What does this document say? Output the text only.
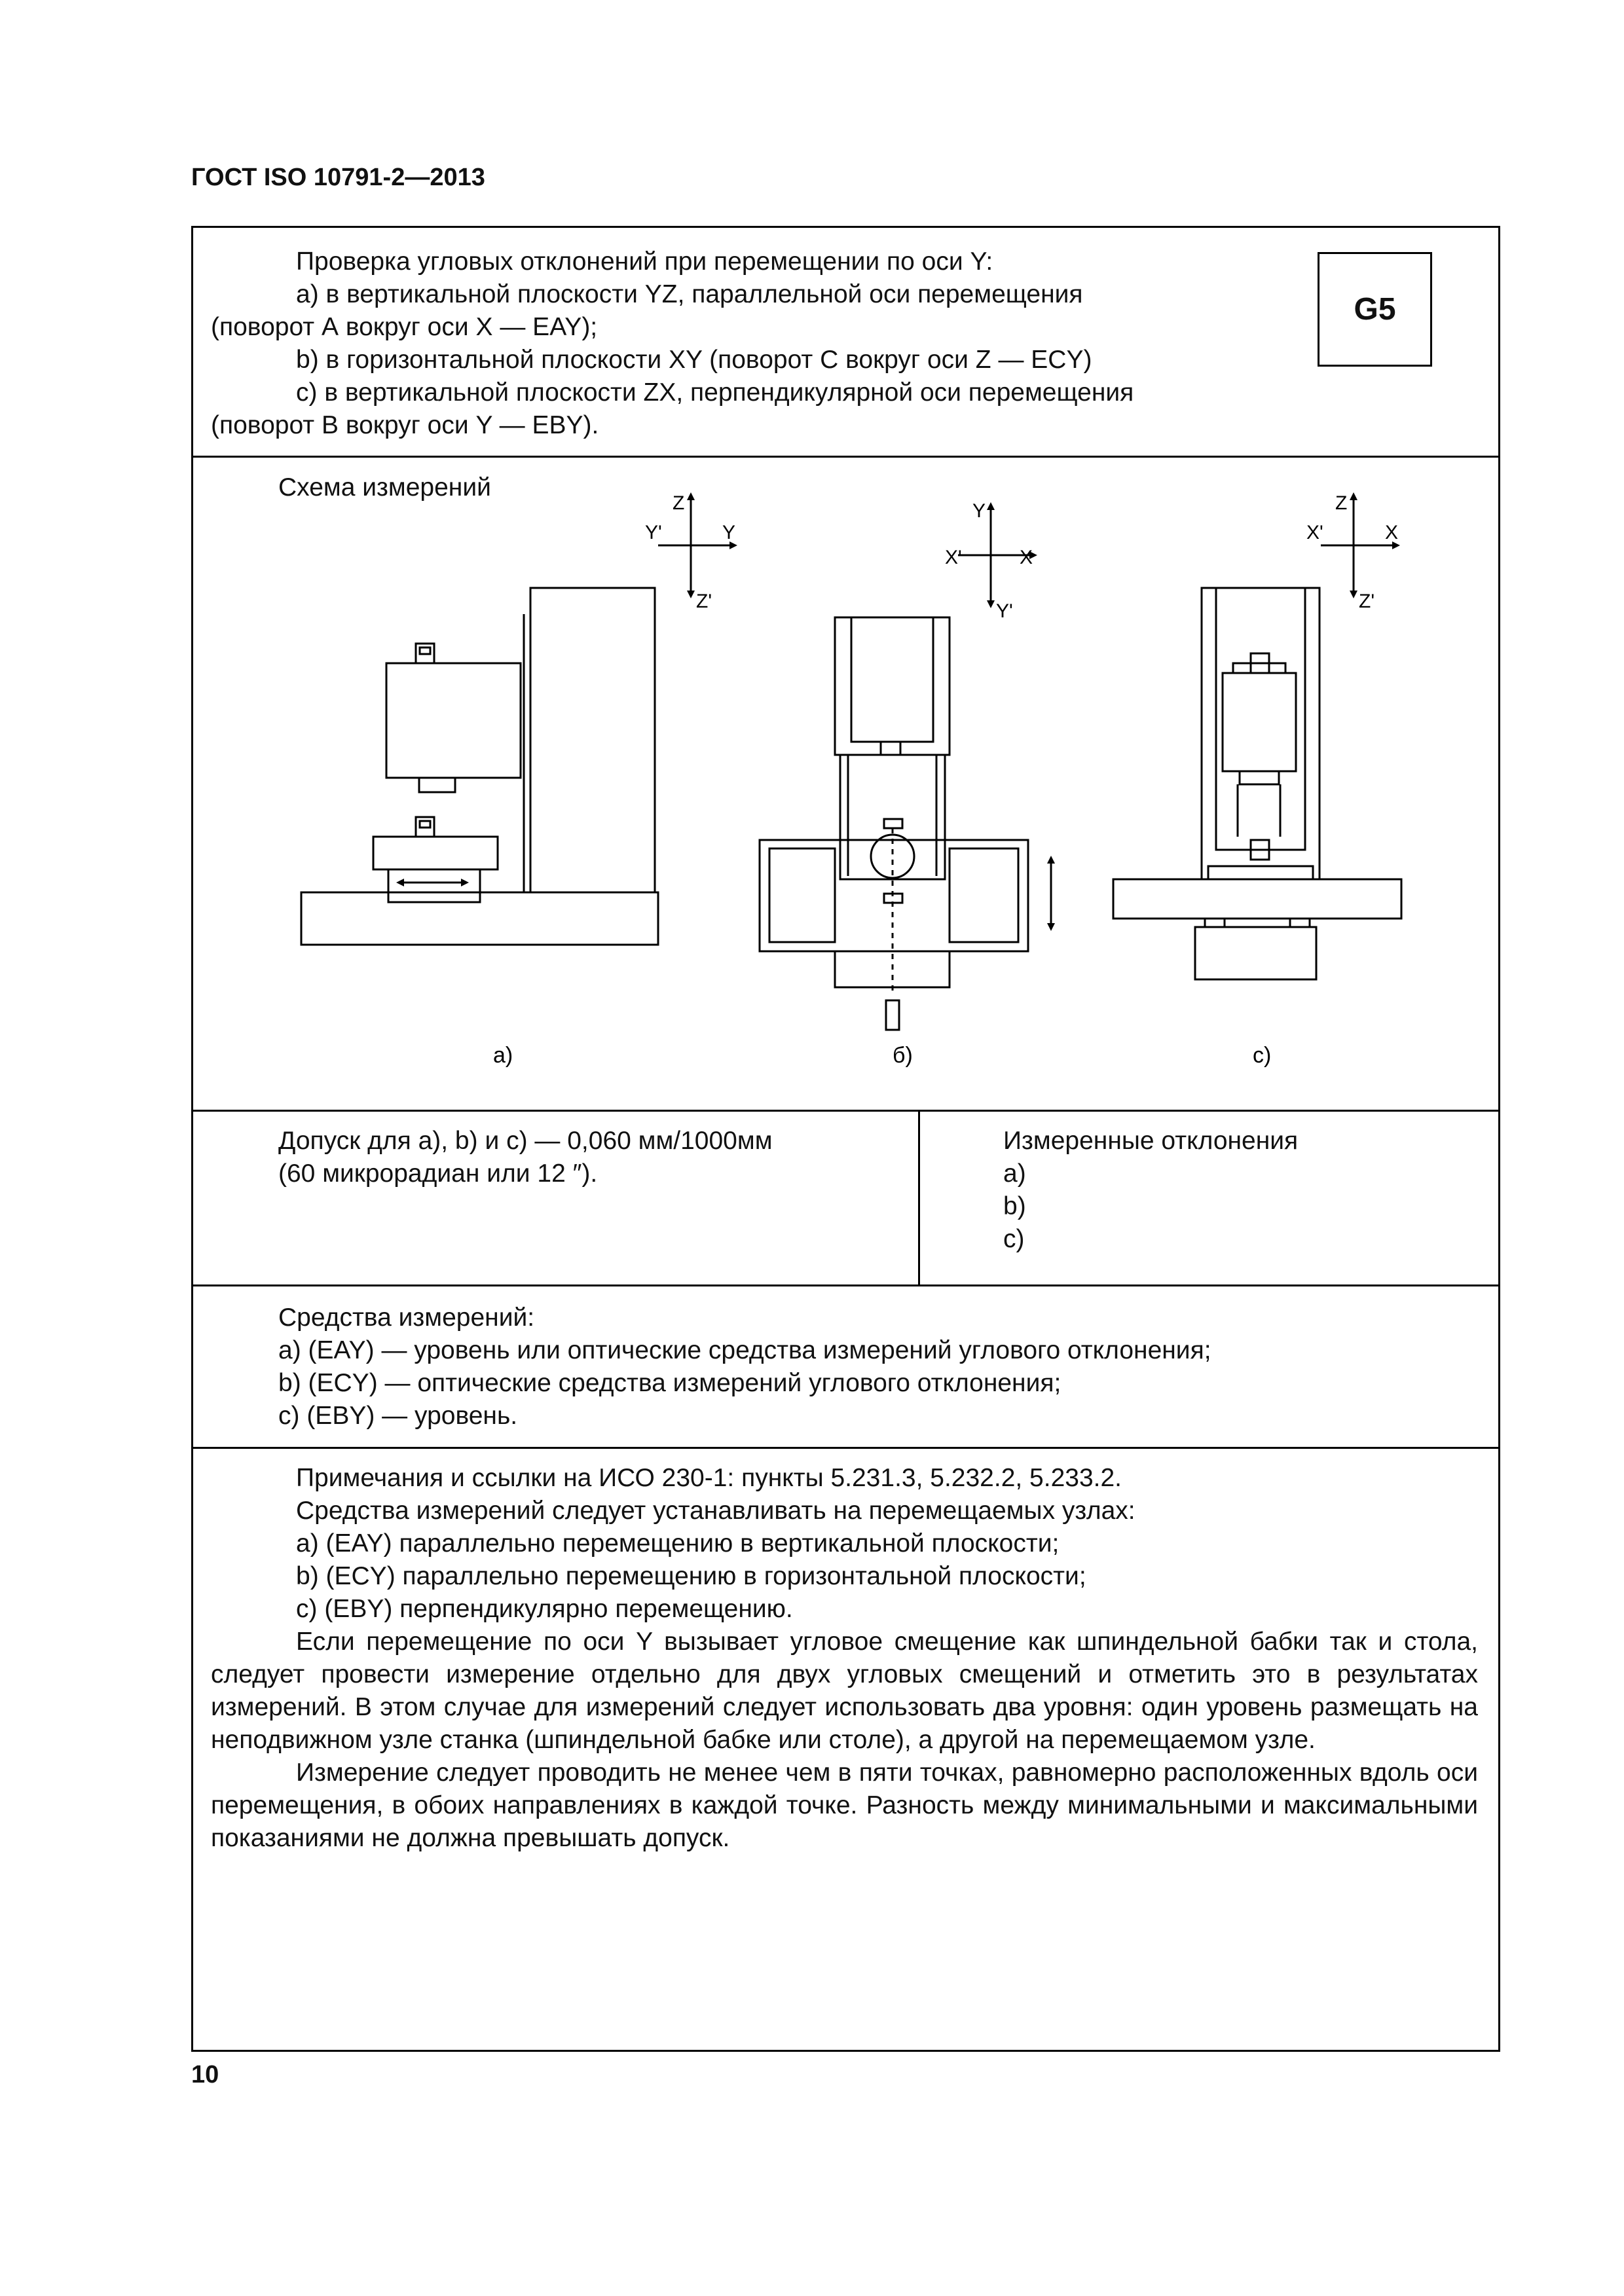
ГОСТ ISO 10791-2—2013

Проверка угловых отклонений при перемещении по оси Y:

а) в вертикальной плоскости YZ, параллельной оси перемещения

(поворот А вокруг оси X — EAY);

b) в горизонтальной плоскости XY (поворот С вокруг оси Z — ECY)

с) в вертикальной плоскости ZX, перпендикулярной оси перемещения

(поворот B вокруг оси Y — EBY).

G5
Схема измерений
Z
Z'
Y'	Y
Y
Y'
X'	X
Z
Z'
X'	X
а)	б)	с)

Допуск для а), b) и с) — 0,060 мм/1000мм

(60 микрорадиан или 12 ″).

Измеренные отклонения

а)

b)

с)

Средства измерений:

а) (EAY) — уровень или оптические средства измерений углового отклонения;

b) (ECY) — оптические средства измерений углового отклонения;

с) (EBY) — уровень.

Примечания и ссылки на ИСО 230-1: пункты 5.231.3, 5.232.2, 5.233.2.

Средства измерений следует устанавливать на перемещаемых узлах:

а) (EAY) параллельно перемещению в вертикальной плоскости;

b) (ECY) параллельно перемещению в горизонтальной плоскости;

с) (EBY) перпендикулярно перемещению.

Если перемещение по оси Y вызывает угловое смещение как шпиндельной бабки так и стола, следует провести измерение отдельно для двух угловых смещений и отметить это в результатах измерений. В этом случае для измерений следует использовать два уровня: один уровень размещать на неподвижном узле станка (шпиндельной бабке или столе), а другой на перемещаемом узле.

Измерение следует проводить не менее чем в пяти точках, равномерно расположенных вдоль оси перемещения, в обоих направлениях в каждой точке. Разность между минимальными и максимальными показаниями не должна превышать допуск.

10
